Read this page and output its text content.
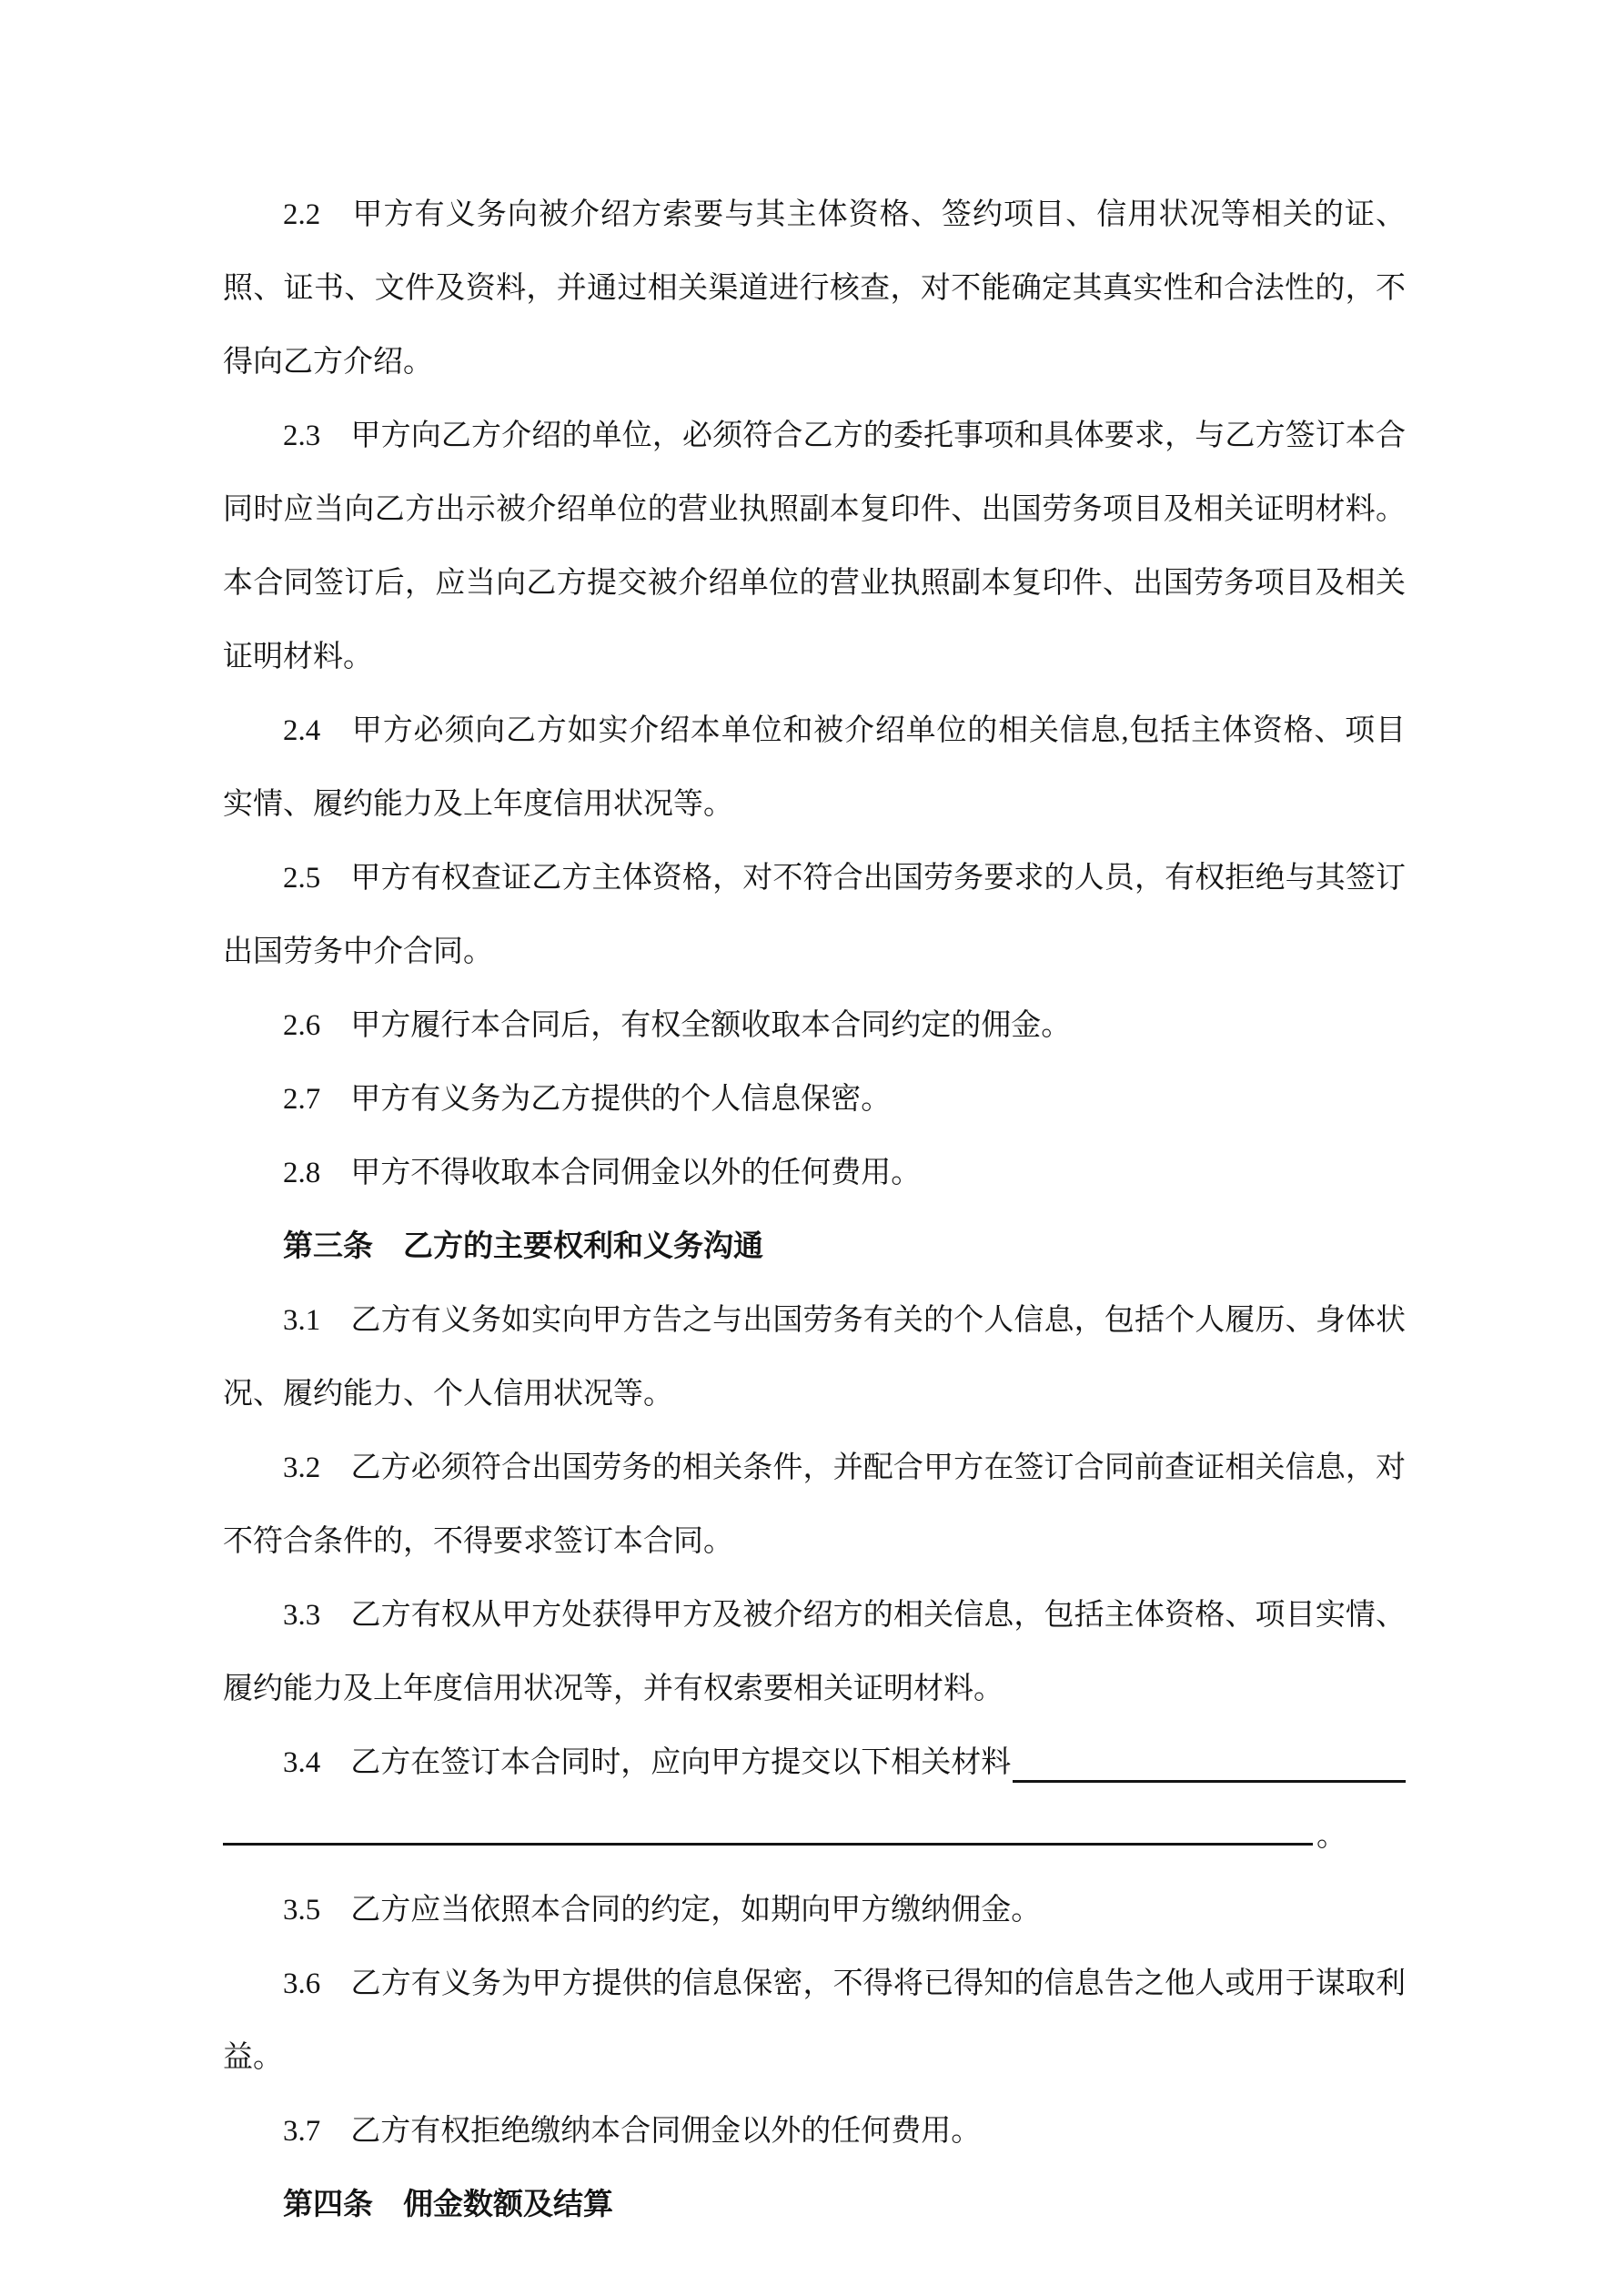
2.2　甲方有义务向被介绍方索要与其主体资格、签约项目、信用状况等相关的证、照、证书、文件及资料，并通过相关渠道进行核查，对不能确定其真实性和合法性的，不得向乙方介绍。

2.3　甲方向乙方介绍的单位，必须符合乙方的委托事项和具体要求，与乙方签订本合同时应当向乙方出示被介绍单位的营业执照副本复印件、出国劳务项目及相关证明材料。本合同签订后，应当向乙方提交被介绍单位的营业执照副本复印件、出国劳务项目及相关证明材料。

2.4　甲方必须向乙方如实介绍本单位和被介绍单位的相关信息,包括主体资格、项目实情、履约能力及上年度信用状况等。

2.5　甲方有权查证乙方主体资格，对不符合出国劳务要求的人员，有权拒绝与其签订出国劳务中介合同。

2.6　甲方履行本合同后，有权全额收取本合同约定的佣金。

2.7　甲方有义务为乙方提供的个人信息保密。

2.8　甲方不得收取本合同佣金以外的任何费用。

第三条　乙方的主要权利和义务沟通

3.1　乙方有义务如实向甲方告之与出国劳务有关的个人信息，包括个人履历、身体状况、履约能力、个人信用状况等。

3.2　乙方必须符合出国劳务的相关条件，并配合甲方在签订合同前查证相关信息，对不符合条件的，不得要求签订本合同。

3.3　乙方有权从甲方处获得甲方及被介绍方的相关信息，包括主体资格、项目实情、履约能力及上年度信用状况等，并有权索要相关证明材料。

3.4　乙方在签订本合同时，应向甲方提交以下相关材料
。

3.5　乙方应当依照本合同的约定，如期向甲方缴纳佣金。

3.6　乙方有义务为甲方提供的信息保密，不得将已得知的信息告之他人或用于谋取利益。

3.7　乙方有权拒绝缴纳本合同佣金以外的任何费用。

第四条　佣金数额及结算
